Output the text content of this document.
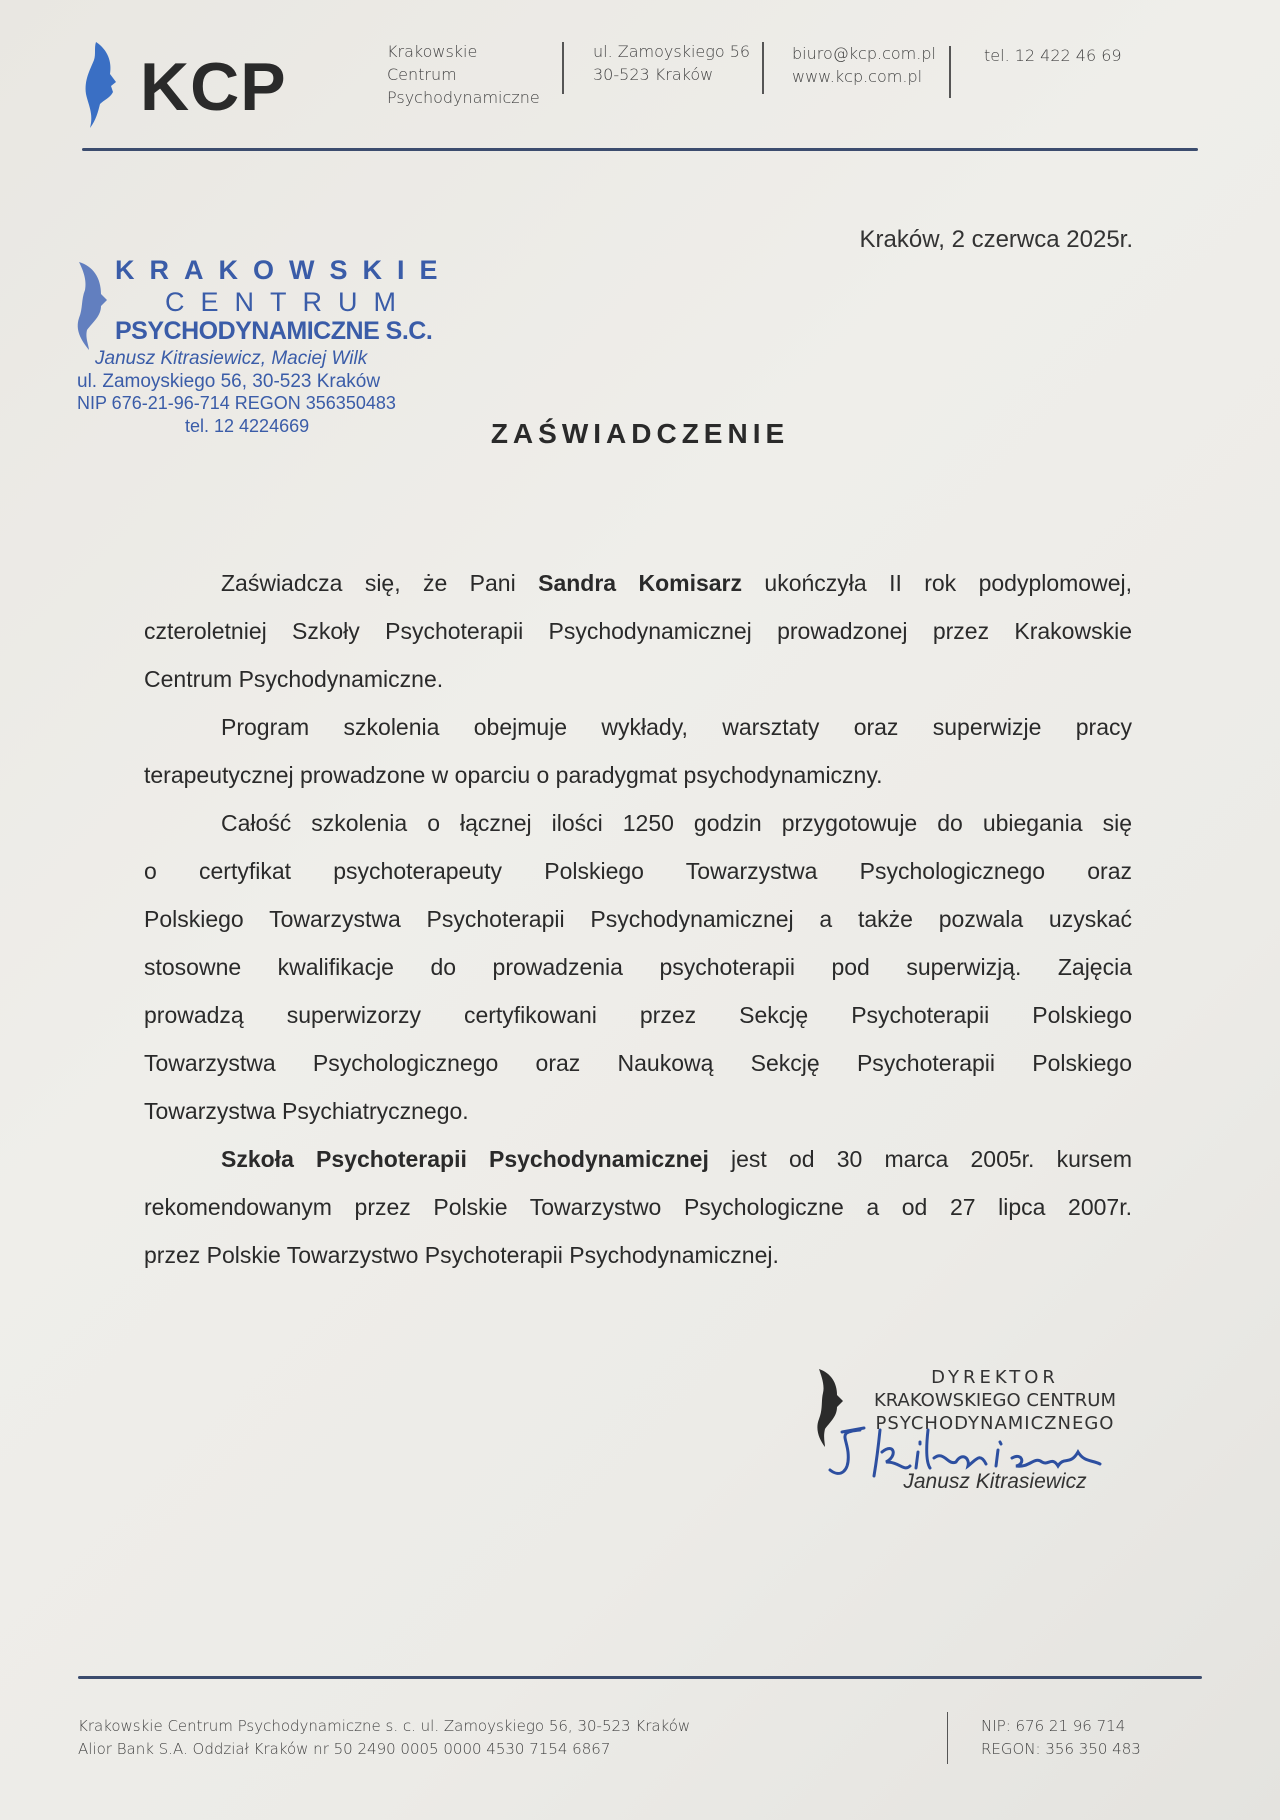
KCP	Krakowskie
Centrum
Psychodynamiczne
ul. Zamoyskiego 56
30-523 Kraków
biuro@kcp.com.pl
www.kcp.com.pl
tel. 12 422 46 69
Kraków, 2 czerwca 2025r.
KRAKOWSKIE
CENTRUM
PSYCHODYNAMICZNE S.C.
Janusz Kitrasiewicz, Maciej Wilk
ul. Zamoyskiego 56, 30-523 Kraków
NIP 676-21-96-714 REGON 356350483
tel. 12 4224669	ZAŚWIADCZENIE
Zaświadcza się, że Pani Sandra Komisarz ukończyła II rok podyplomowej,
czteroletniej Szkoły Psychoterapii Psychodynamicznej prowadzonej przez Krakowskie
Centrum Psychodynamiczne.
Program szkolenia obejmuje wykłady, warsztaty oraz superwizje pracy
terapeutycznej prowadzone w oparciu o paradygmat psychodynamiczny.
Całość szkolenia o łącznej ilości 1250 godzin przygotowuje do ubiegania się
o certyfikat psychoterapeuty Polskiego Towarzystwa Psychologicznego oraz
Polskiego Towarzystwa Psychoterapii Psychodynamicznej a także pozwala uzyskać
stosowne kwalifikacje do prowadzenia psychoterapii pod superwizją. Zajęcia
prowadzą superwizorzy certyfikowani przez Sekcję Psychoterapii Polskiego
Towarzystwa Psychologicznego oraz Naukową Sekcję Psychoterapii Polskiego
Towarzystwa Psychiatrycznego.
Szkoła Psychoterapii Psychodynamicznej jest od 30 marca 2005r. kursem
rekomendowanym przez Polskie Towarzystwo Psychologiczne a od 27 lipca 2007r.
przez Polskie Towarzystwo Psychoterapii Psychodynamicznej.
DYREKTOR
KRAKOWSKIEGO CENTRUM
PSYCHODYNAMICZNEGO
Janusz Kitrasiewicz
Krakowskie Centrum Psychodynamiczne s. c. ul. Zamoyskiego 56, 30-523 Kraków
Alior Bank S.A. Oddział Kraków nr 50 2490 0005 0000 4530 7154 6867
NIP: 676 21 96 714
REGON: 356 350 483
